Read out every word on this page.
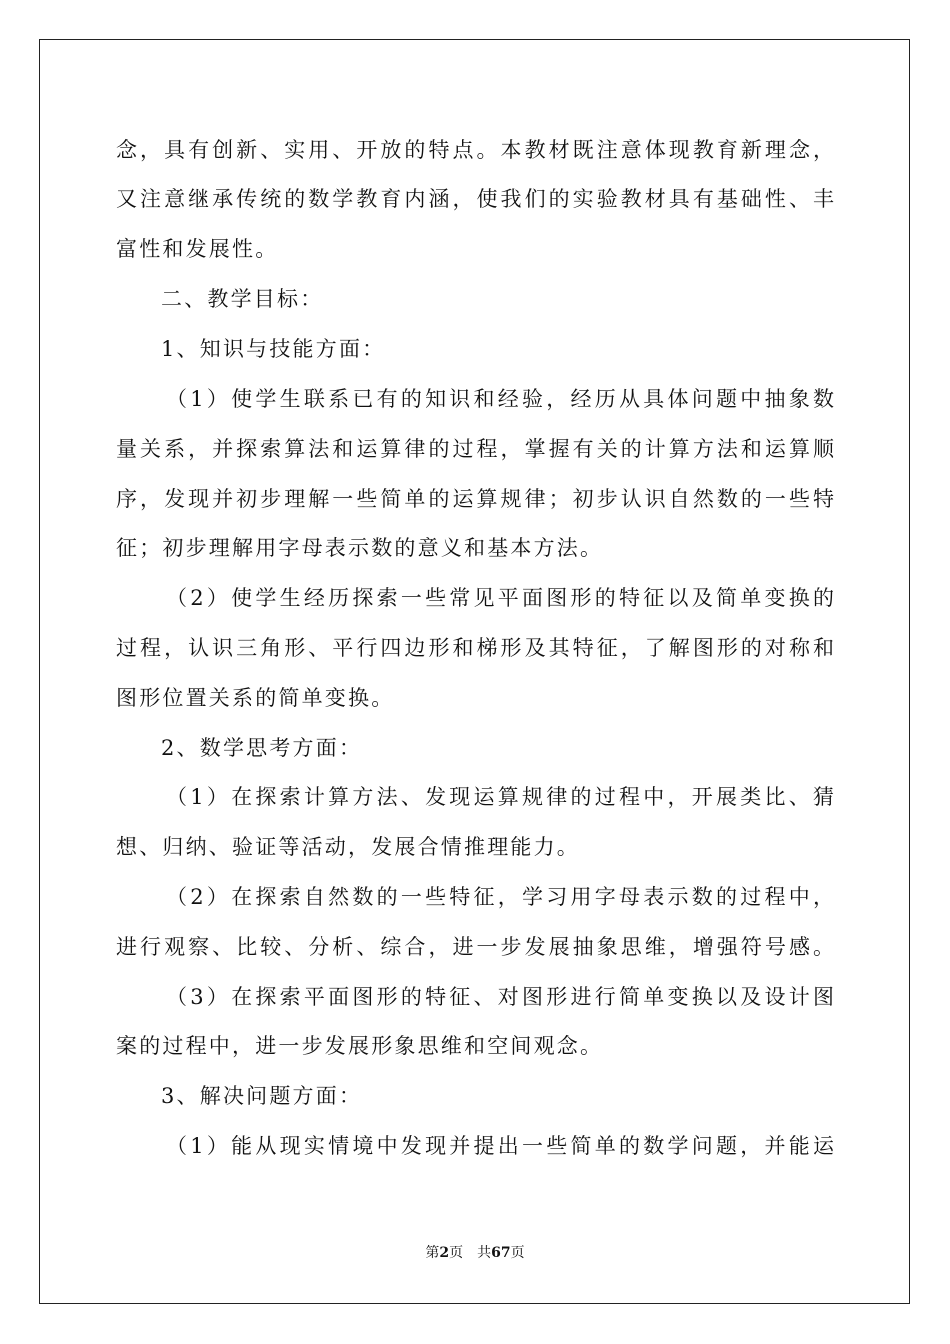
念，具有创新、实用、开放的特点。本教材既注意体现教育新理念，
又注意继承传统的数学教育内涵，使我们的实验教材具有基础性、丰
富性和发展性。
二、教学目标：
1、知识与技能方面：
（1）使学生联系已有的知识和经验，经历从具体问题中抽象数
量关系，并探索算法和运算律的过程，掌握有关的计算方法和运算顺
序，发现并初步理解一些简单的运算规律；初步认识自然数的一些特
征；初步理解用字母表示数的意义和基本方法。
（2）使学生经历探索一些常见平面图形的特征以及简单变换的
过程，认识三角形、平行四边形和梯形及其特征，了解图形的对称和
图形位置关系的简单变换。
2、数学思考方面：
（1）在探索计算方法、发现运算规律的过程中，开展类比、猜
想、归纳、验证等活动，发展合情推理能力。
（2）在探索自然数的一些特征，学习用字母表示数的过程中，
进行观察、比较、分析、综合，进一步发展抽象思维，增强符号感。
（3）在探索平面图形的特征、对图形进行简单变换以及设计图
案的过程中，进一步发展形象思维和空间观念。
3、解决问题方面：
（1）能从现实情境中发现并提出一些简单的数学问题，并能运
第2页 共67页
